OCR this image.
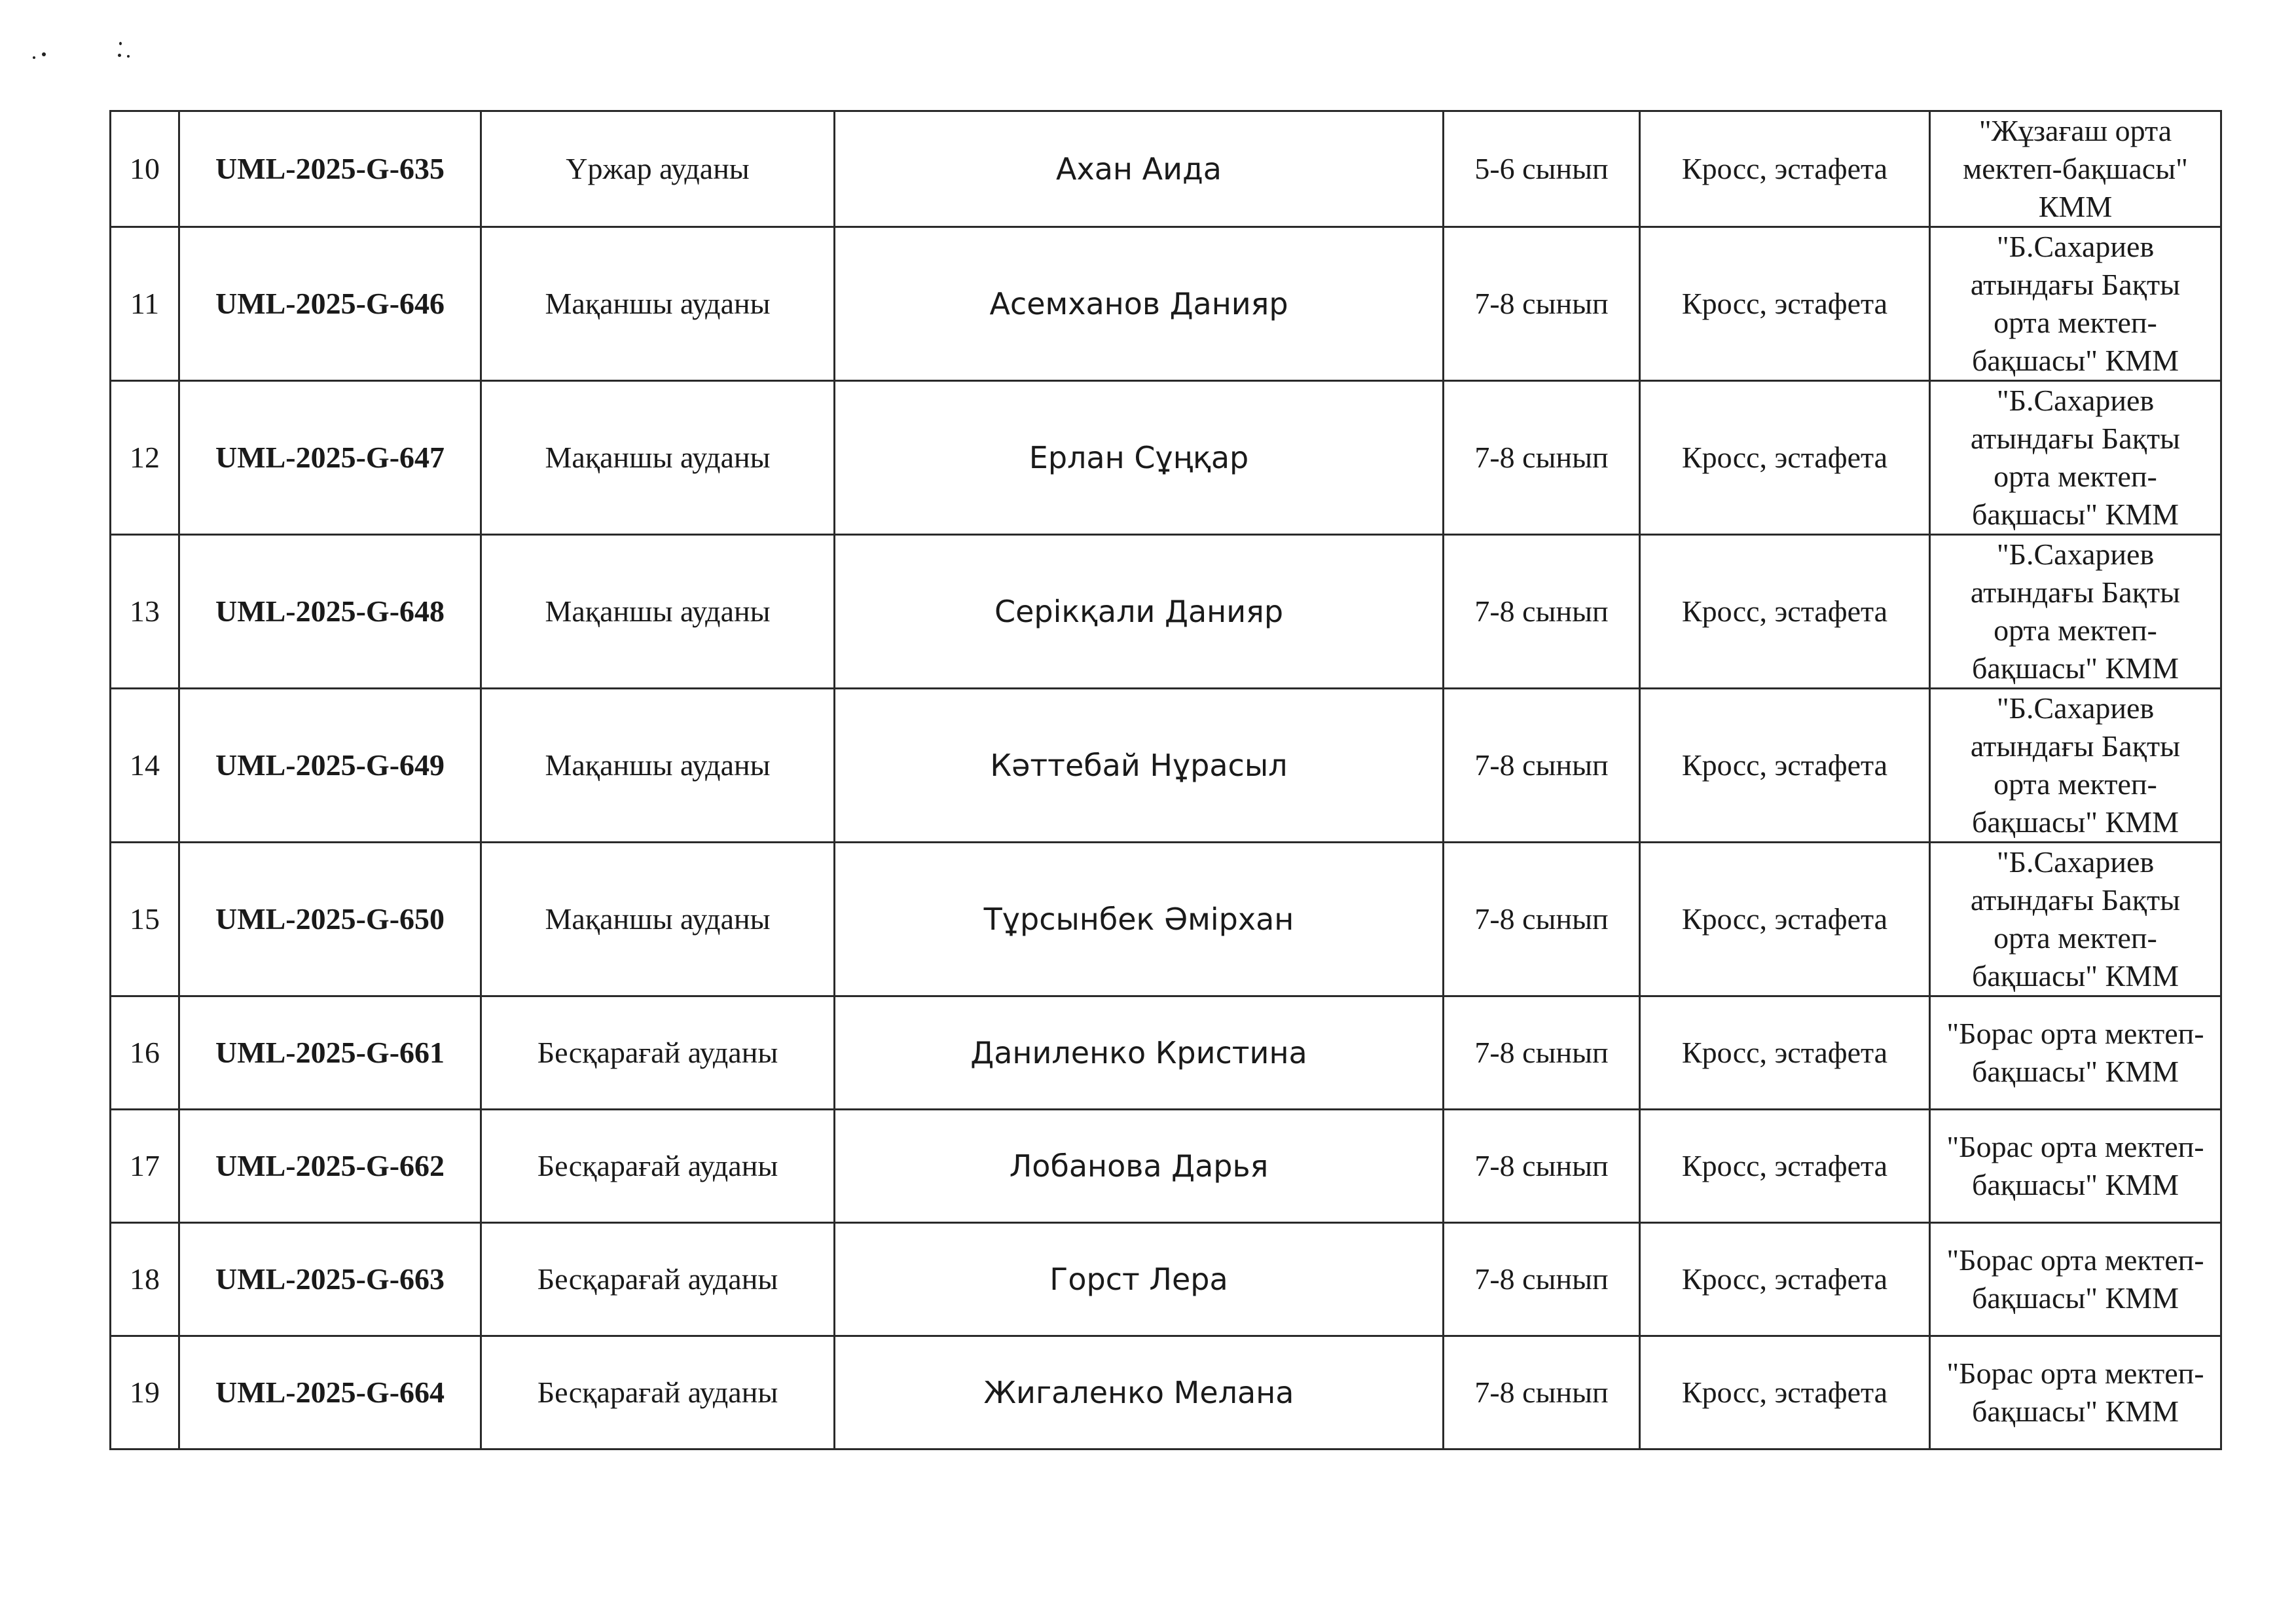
10	UML-2025-G-635	Үржар ауданы	Ахан Аида	5-6 сынып	Кросс, эстафета	"Жұзағаш орта мектеп-бақшасы" КММ
11	UML-2025-G-646	Мақаншы ауданы	Асемханов Данияр	7-8 сынып	Кросс, эстафета	"Б.Сахариев атындағы Бақты орта мектеп-бақшасы" КММ
12	UML-2025-G-647	Мақаншы ауданы	Ерлан Сұңқар	7-8 сынып	Кросс, эстафета	"Б.Сахариев атындағы Бақты орта мектеп-бақшасы" КММ
13	UML-2025-G-648	Мақаншы ауданы	Серікқали Данияр	7-8 сынып	Кросс, эстафета	"Б.Сахариев атындағы Бақты орта мектеп-бақшасы" КММ
14	UML-2025-G-649	Мақаншы ауданы	Кәттебай Нұрасыл	7-8 сынып	Кросс, эстафета	"Б.Сахариев атындағы Бақты орта мектеп-бақшасы" КММ
15	UML-2025-G-650	Мақаншы ауданы	Тұрсынбек Әмірхан	7-8 сынып	Кросс, эстафета	"Б.Сахариев атындағы Бақты орта мектеп-бақшасы" КММ
16	UML-2025-G-661	Бесқарағай ауданы	Даниленко Кристина	7-8 сынып	Кросс, эстафета	"Борас орта мектеп-бақшасы" КММ
17	UML-2025-G-662	Бесқарағай ауданы	Лобанова Дарья	7-8 сынып	Кросс, эстафета	"Борас орта мектеп-бақшасы" КММ
18	UML-2025-G-663	Бесқарағай ауданы	Горст Лера	7-8 сынып	Кросс, эстафета	"Борас орта мектеп-бақшасы" КММ
19	UML-2025-G-664	Бесқарағай ауданы	Жигаленко Мелана	7-8 сынып	Кросс, эстафета	"Борас орта мектеп-бақшасы" КММ
